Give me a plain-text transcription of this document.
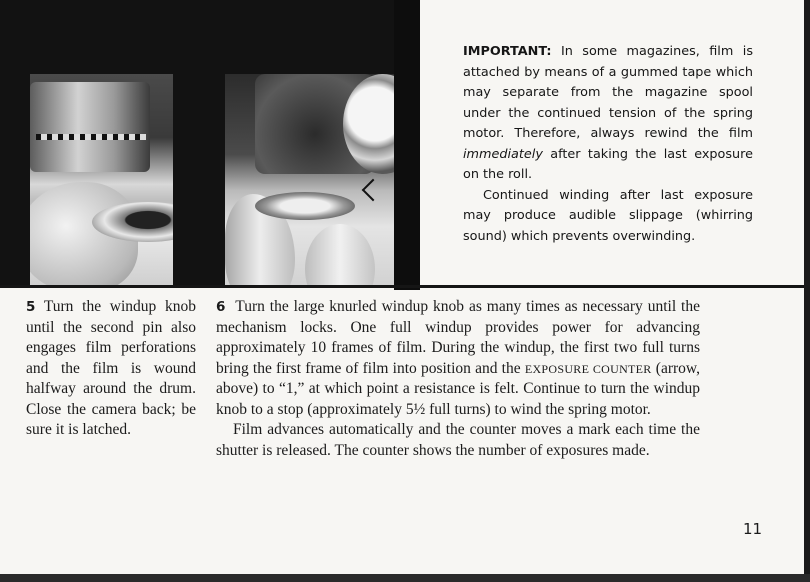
IMPORTANT: In some magazines, film is attached by means of a gummed tape which may separate from the magazine spool under the continued tension of the spring motor. Therefore, always rewind the film immediately after taking the last exposure on the roll.
Continued winding after last exposure may produce audible slippage (whirring sound) which prevents overwinding.
5 Turn the windup knob until the second pin also engages film perforations and the film is wound halfway around the drum. Close the camera back; be sure it is latched.
6 Turn the large knurled windup knob as many times as necessary until the mechanism locks. One full windup provides power for advancing approximately 10 frames of film. During the windup, the first two full turns bring the first frame of film into position and the EXPOSURE COUNTER (arrow, above) to “1,” at which point a resistance is felt. Continue to turn the windup knob to a stop (approximately 5½ full turns) to wind the spring motor.
Film advances automatically and the counter moves a mark each time the shutter is released. The counter shows the number of exposures made.
11
